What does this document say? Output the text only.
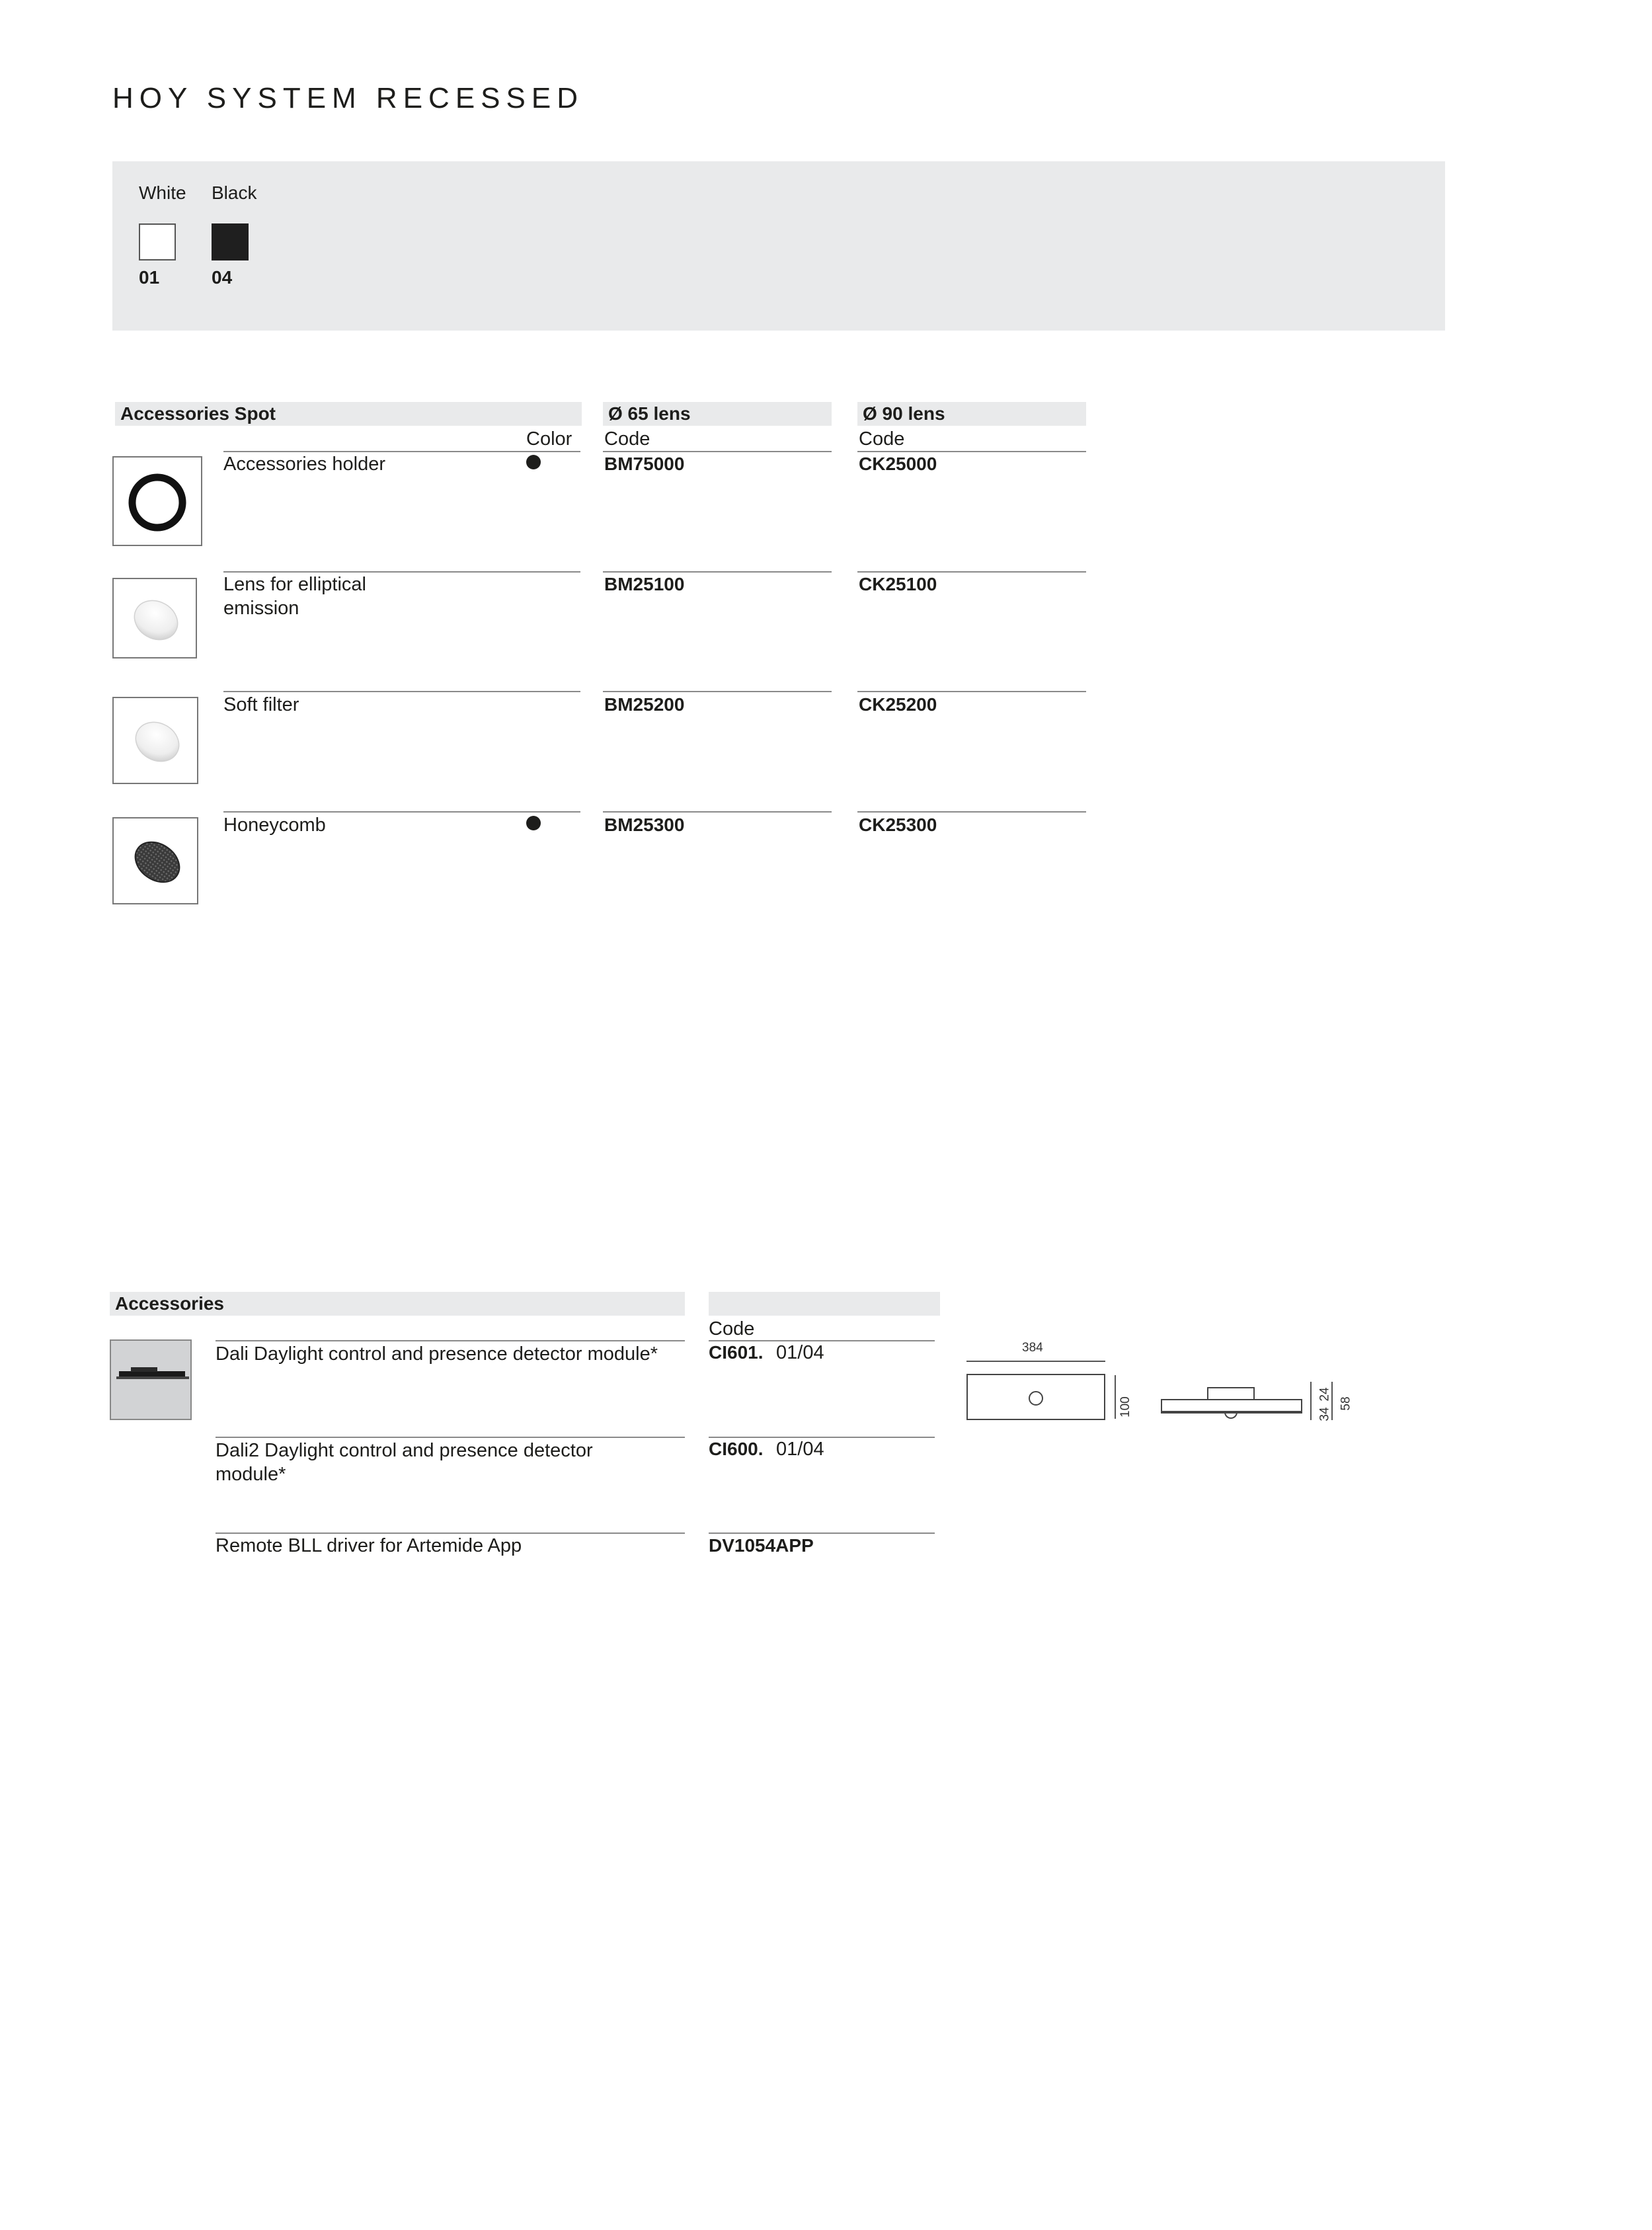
HOY SYSTEM RECESSED
White Black
01	04
Accessories Spot	Ø 65 lens	Ø 90 lens
Color Code	Code
Accessories holder	BM75000	CK25000
Lens for elliptical
emission
BM25100	CK25100
Soft filter	BM25200	CK25200
Honeycomb	BM25300	CK25300
Accessories
Code
Dali Daylight control and presence detector module*	CI601. 01/04	384
100
24
34
58
Dali2 Daylight control and presence detector
module*
CI600. 01/04
Remote BLL driver for Artemide App	DV1054APP
